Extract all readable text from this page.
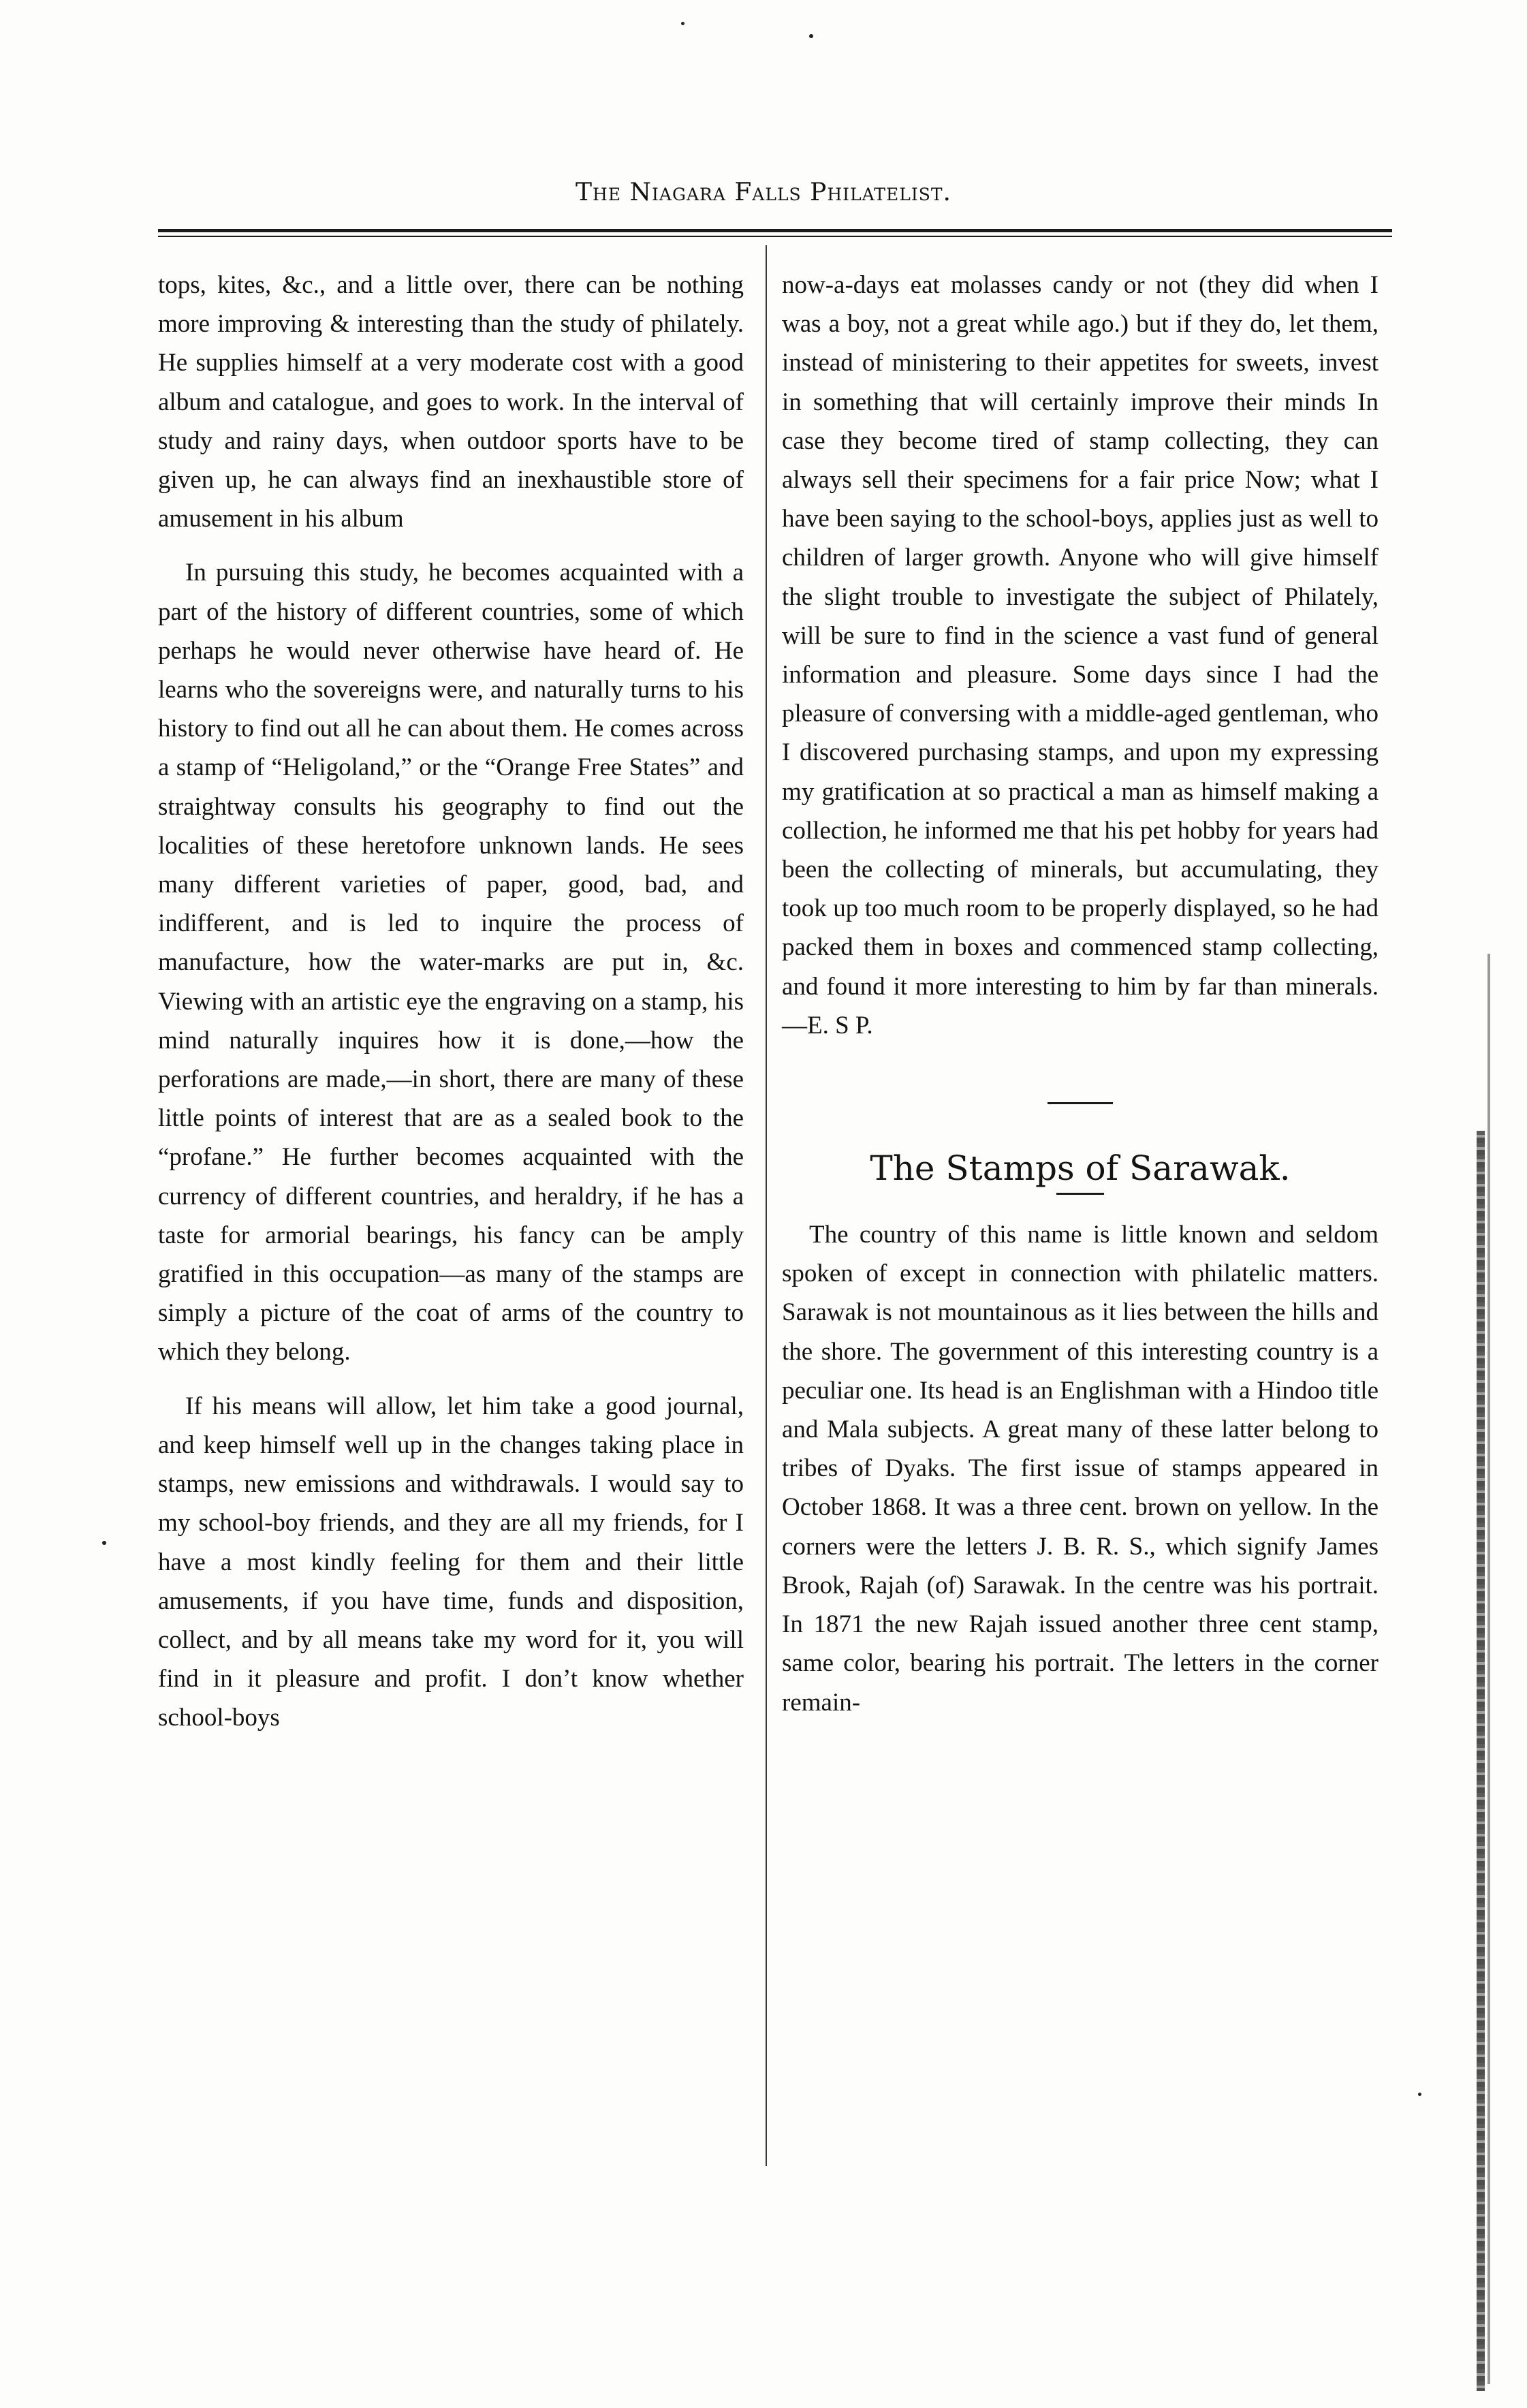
The Niagara Falls Philatelist.

tops, kites, &c., and a little over, there can be nothing more improving & interesting than the study of philately. He supplies himself at a very moderate cost with a good album and catalogue, and goes to work. In the interval of study and rainy days, when outdoor sports have to be given up, he can always find an inexhaustible store of amusement in his album

In pursuing this study, he becomes acquainted with a part of the history of different countries, some of which perhaps he would never otherwise have heard of. He learns who the sovereigns were, and naturally turns to his history to find out all he can about them. He comes across a stamp of “Heligoland,” or the “Orange Free States” and straightway consults his geography to find out the localities of these heretofore unknown lands. He sees many different varieties of paper, good, bad, and indifferent, and is led to inquire the process of manufacture, how the water-marks are put in, &c. Viewing with an artistic eye the engraving on a stamp, his mind naturally inquires how it is done,—how the perforations are made,—in short, there are many of these little points of interest that are as a sealed book to the “profane.” He further becomes acquainted with the currency of different countries, and heraldry, if he has a taste for armorial bearings, his fancy can be amply gratified in this occupation—as many of the stamps are simply a picture of the coat of arms of the country to which they belong.

If his means will allow, let him take a good journal, and keep himself well up in the changes taking place in stamps, new emissions and withdrawals. I would say to my school-boy friends, and they are all my friends, for I have a most kindly feeling for them and their little amusements, if you have time, funds and disposition, collect, and by all means take my word for it, you will find in it pleasure and profit. I don’t know whether school-boys

now-a-days eat molasses candy or not (they did when I was a boy, not a great while ago.) but if they do, let them, instead of ministering to their appetites for sweets, invest in something that will certainly improve their minds In case they become tired of stamp collecting, they can always sell their specimens for a fair price Now; what I have been saying to the school-boys, applies just as well to children of larger growth. Anyone who will give himself the slight trouble to investigate the subject of Philately, will be sure to find in the science a vast fund of general information and pleasure. Some days since I had the pleasure of conversing with a middle-aged gentleman, who I discovered purchasing stamps, and upon my expressing my gratification at so practical a man as himself making a collection, he informed me that his pet hobby for years had been the collecting of minerals, but accumulating, they took up too much room to be properly displayed, so he had packed them in boxes and commenced stamp collecting, and found it more interesting to him by far than minerals.—E. S P.

The Stamps of Sarawak.

The country of this name is little known and seldom spoken of except in connection with philatelic matters. Sarawak is not mountainous as it lies between the hills and the shore. The government of this interesting country is a peculiar one. Its head is an Englishman with a Hindoo title and Mala subjects. A great many of these latter belong to tribes of Dyaks. The first issue of stamps appeared in October 1868. It was a three cent. brown on yellow. In the corners were the letters J. B. R. S., which signify James Brook, Rajah (of) Sarawak. In the centre was his portrait. In 1871 the new Rajah issued another three cent stamp, same color, bearing his portrait. The letters in the corner remain-
